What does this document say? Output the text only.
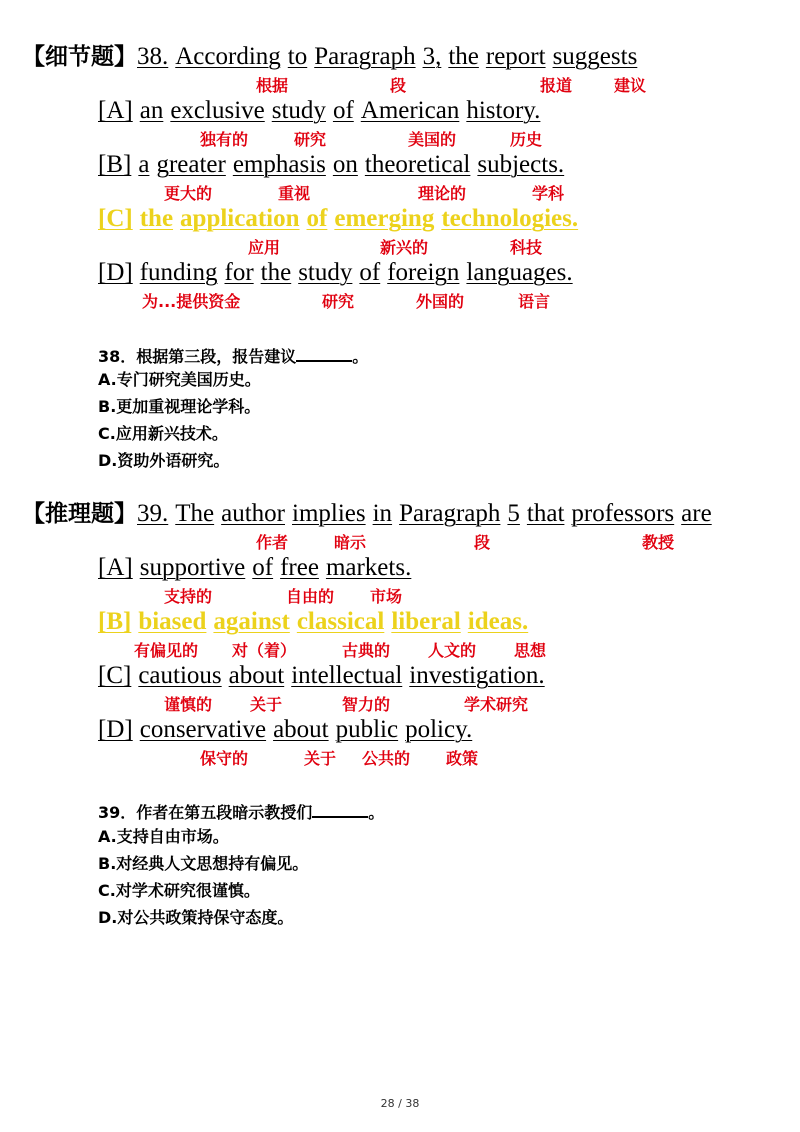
【细节题】38. According to Paragraph 3, the report suggests
根据	段	报道	建议
[A] an exclusive study of American history.
独有的	研究	美国的	历史
[B] a greater emphasis on theoretical subjects.
更大的	重视	理论的	学科
[C] the application of emerging technologies.
应用	新兴的	科技
[D] funding for the study of foreign languages.
为...提供资金	研究	外国的	语言
38．根据第三段，报告建议	。
A.专门研究美国历史。
B.更加重视理论学科。
C.应用新兴技术。
D.资助外语研究。
【推理题】39. The author implies in Paragraph 5 that professors are
作者	暗示	段	教授
[A] supportive of free markets.
支持的	自由的 市场
[B] biased against classical liberal ideas.
有偏见的 对（着）	古典的 人文的 思想
[C] cautious about intellectual investigation.
谨慎的 关于	智力的	学术研究
[D] conservative about public policy.
保守的	关于 公共的 政策
39．作者在第五段暗示教授们	。
A.支持自由市场。
B.对经典人文思想持有偏见。
C.对学术研究很谨慎。
D.对公共政策持保守态度。
28 / 38
